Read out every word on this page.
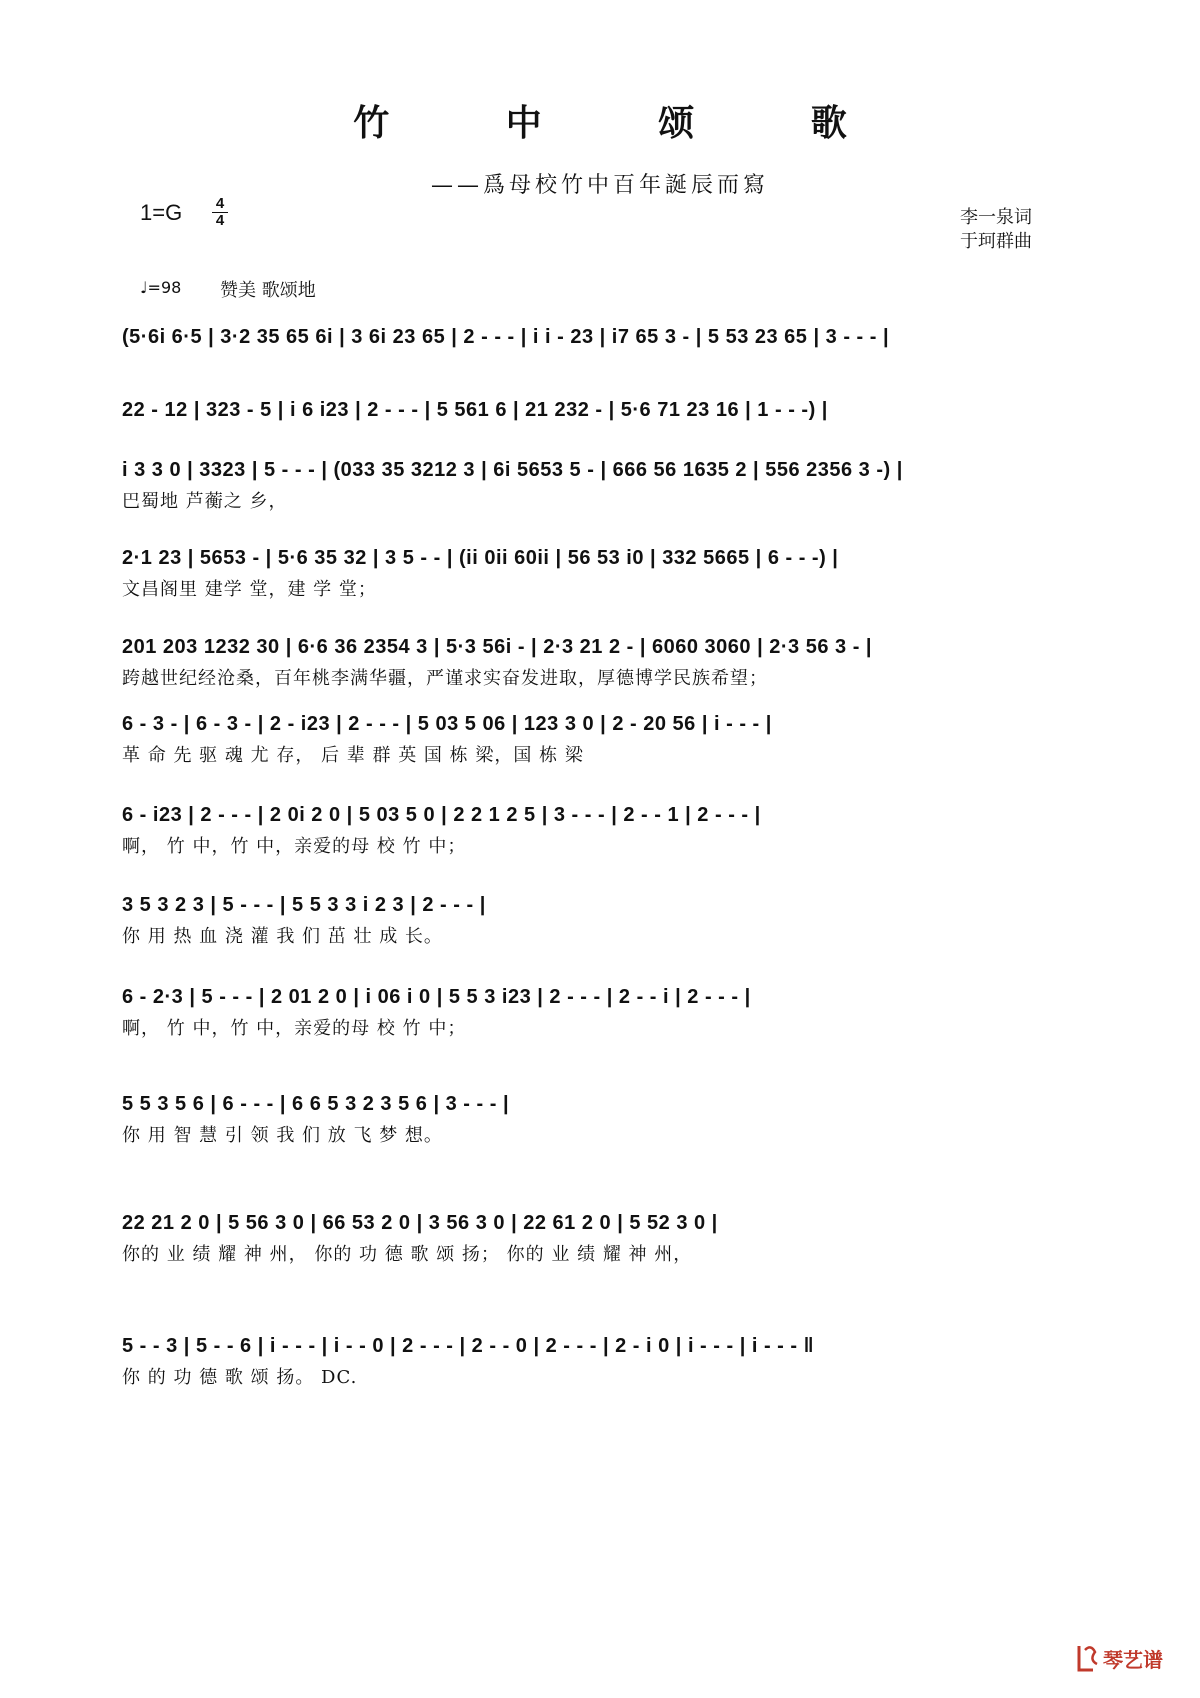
竹 中 颂 歌
——爲母校竹中百年誕辰而寫
1=G 4
4	李一泉词
于珂群曲
♩=98 赞美 歌颂地
(5·6i 6·5 | 3·2 35 65 6i | 3 6i 23 65 | 2 - - - | i i - 23 | i7 65 3 - | 5 53 23 65 | 3 - - - |
22 - 12 | 323 - 5 | i 6 i23 | 2 - - - | 5 561 6 | 21 232 - | 5·6 71 23 16 | 1 - - -) |
i 3 3 0 | 3323 | 5 - - - | (033 35 3212 3 | 6i 5653 5 - | 666 56 1635 2 | 556 2356 3 -) |
巴蜀地 芦蘅之 乡，
2·1 23 | 5653 - | 5·6 35 32 | 3 5 - - | (ii 0ii 60ii | 56 53 i0 | 332 5665 | 6 - - -) |
文昌阁里 建学 堂，建 学 堂；
201 203 1232 30 | 6·6 36 2354 3 | 5·3 56i - | 2·3 21 2 - | 6060 3060 | 2·3 56 3 - |
跨越世纪经沧桑，百年桃李满华疆，严谨求实奋发进取，厚德博学民族希望；
6 - 3 - | 6 - 3 - | 2 - i23 | 2 - - - | 5 03 5 06 | 123 3 0 | 2 - 20 56 | i - - - |
革 命 先 驱 魂 尤 存， 后 辈 群 英 国 栋 梁，国 栋 梁
6 - i23 | 2 - - - | 2 0i 2 0 | 5 03 5 0 | 2 2 1 2 5 | 3 - - - | 2 - - 1 | 2 - - - |
啊， 竹 中，竹 中，亲爱的母 校 竹 中；
3 5 3 2 3 | 5 - - - | 5 5 3 3 i 2 3 | 2 - - - |
你 用 热 血 浇 灌 我 们 茁 壮 成 长。
6 - 2·3 | 5 - - - | 2 01 2 0 | i 06 i 0 | 5 5 3 i23 | 2 - - - | 2 - - i | 2 - - - |
啊， 竹 中，竹 中，亲爱的母 校 竹 中；
5 5 3 5 6 | 6 - - - | 6 6 5 3 2 3 5 6 | 3 - - - |
你 用 智 慧 引 领 我 们 放 飞 梦 想。
22 21 2 0 | 5 56 3 0 | 66 53 2 0 | 3 56 3 0 | 22 61 2 0 | 5 52 3 0 |
你的 业 绩 耀 神 州， 你的 功 德 歌 颂 扬； 你的 业 绩 耀 神 州，
5 - - 3 | 5 - - 6 | i - - - | i - - 0 | 2 - - - | 2 - - 0 | 2 - - - | 2 - i 0 | i - - - | i - - - ‖
你 的 功 德 歌 颂 扬。 DC.
琴艺谱
